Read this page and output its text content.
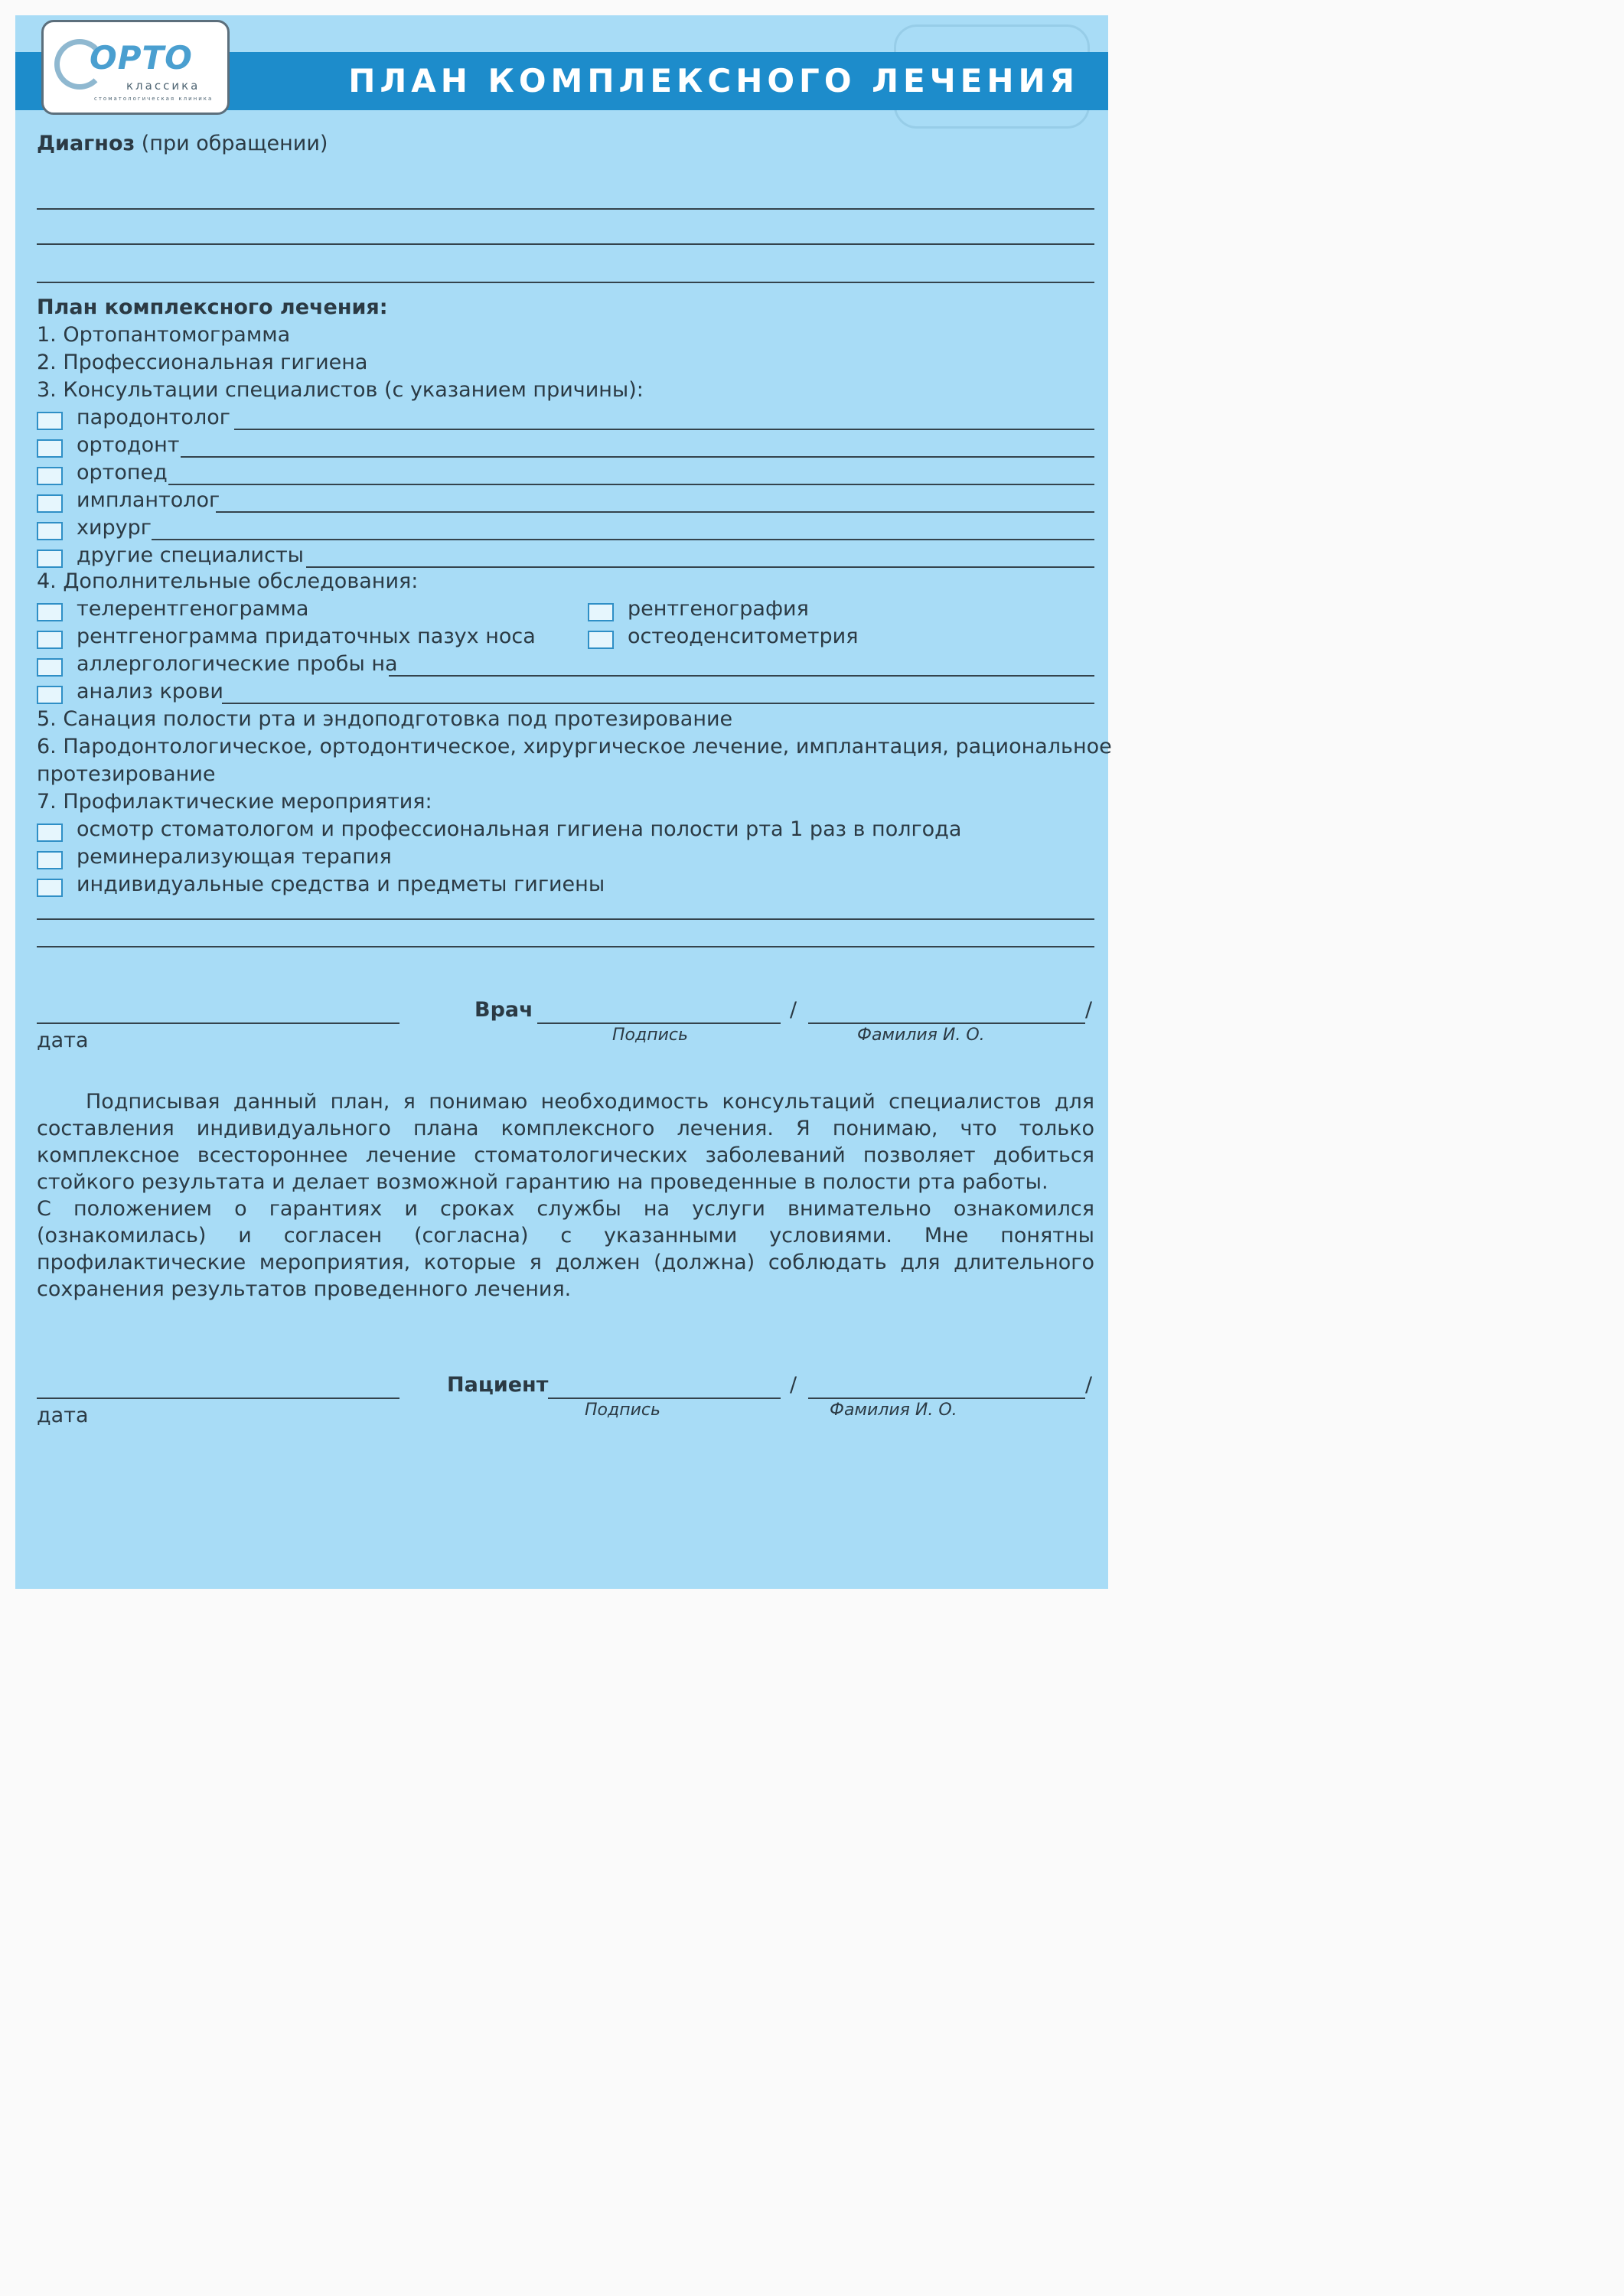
ПЛАН КОМПЛЕКСНОГО ЛЕЧЕНИЯ
ОРТО
классика
стоматологическая клиника
Диагноз (при обращении)
План комплексного лечения:
1. Ортопантомограмма
2. Профессиональная гигиена
3. Консультации специалистов (с указанием причины):
пародонтолог
ортодонт
ортопед
имплантолог
хирург
другие специалисты
4. Дополнительные обследования:
телерентгенограмма	рентгенография
рентгенограмма придаточных пазух носа	остеоденситометрия
аллергологические пробы на
анализ крови
5. Санация полости рта и эндоподготовка под протезирование
6. Пародонтологическое, ортодонтическое, хирургическое лечение, имплантация, рациональное
протезирование
7. Профилактические мероприятия:
осмотр стоматологом и профессиональная гигиена полости рта 1 раз в полгода
реминерализующая терапия
индивидуальные средства и предметы гигиены
дата
Врач	/	/
Подпись	Фамилия И. О.

Подписывая данный план, я понимаю необходимость консультаций специалистов для составления индивидуального плана комплексного лечения. Я понимаю, что только комплексное всестороннее лечение стоматологических заболеваний позволяет добиться стойкого результата и делает возможной гарантию на проведенные в полости рта работы.

С положением о гарантиях и сроках службы на услуги внимательно ознакомился (ознакомилась) и согласен (согласна) с указанными условиями. Мне понятны профилактические мероприятия, которые я должен (должна) соблюдать для длительного сохранения результатов проведенного лечения.

дата
Пациент	/	/
Подпись	Фамилия И. О.
